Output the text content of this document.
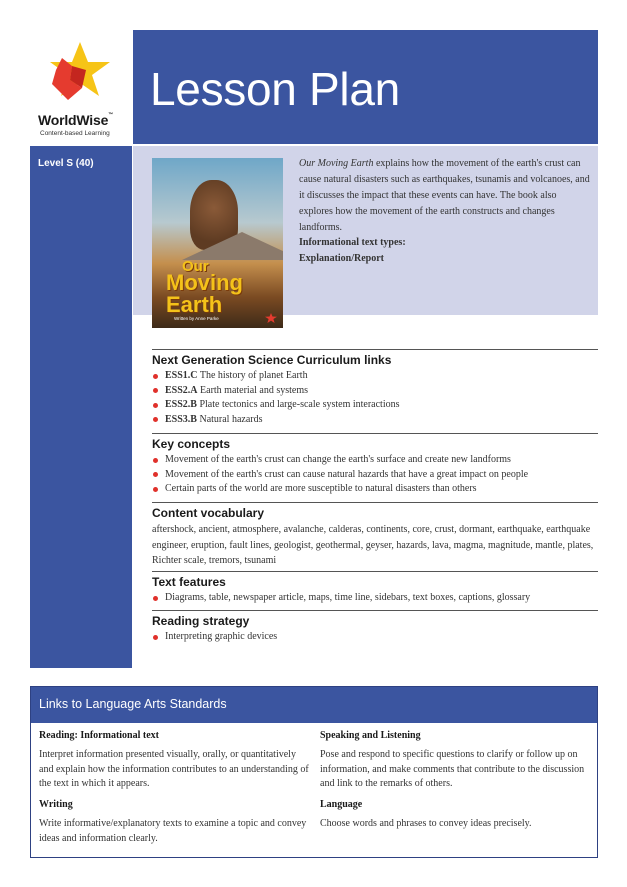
WorldWise™
Content-based Learning
Lesson Plan
Level S (40)	Our Moving Earth explains how the movement of the earth's crust can cause natural disasters such as earthquakes, tsunamis and volcanoes, and it discusses the impact that these events can have. The book also explores how the movement of the earth constructs and changes landforms.
Informational text types:
Explanation/Report
Our
Moving
Earth
Written by Anne Parke
Next Generation Science Curriculum links
ESS1.C The history of planet Earth
ESS2.A Earth material and systems
ESS2.B Plate tectonics and large-scale system interactions
ESS3.B Natural hazards
Key concepts
Movement of the earth's crust can change the earth's surface and create new landforms
Movement of the earth's crust can cause natural hazards that have a great impact on people
Certain parts of the world are more susceptible to natural disasters than others
Content vocabulary

aftershock, ancient, atmosphere, avalanche, calderas, continents, core, crust, dormant, earthquake, earthquake engineer, eruption, fault lines, geologist, geothermal, geyser, hazards, lava, magma, magnitude, mantle, plates, Richter scale, tremors, tsunami

Text features
Diagrams, table, newspaper article, maps, time line, sidebars, text boxes, captions, glossary
Reading strategy
Interpreting graphic devices
Links to Language Arts Standards
Reading: Informational text

Interpret information presented visually, orally, or quantitatively and explain how the information contributes to an understanding of the text in which it appears.

Writing

Write informative/explanatory texts to examine a topic and convey ideas and information clearly.

Speaking and Listening

Pose and respond to specific questions to clarify or follow up on information, and make comments that contribute to the discussion and link to the remarks of others.

Language

Choose words and phrases to convey ideas precisely.
